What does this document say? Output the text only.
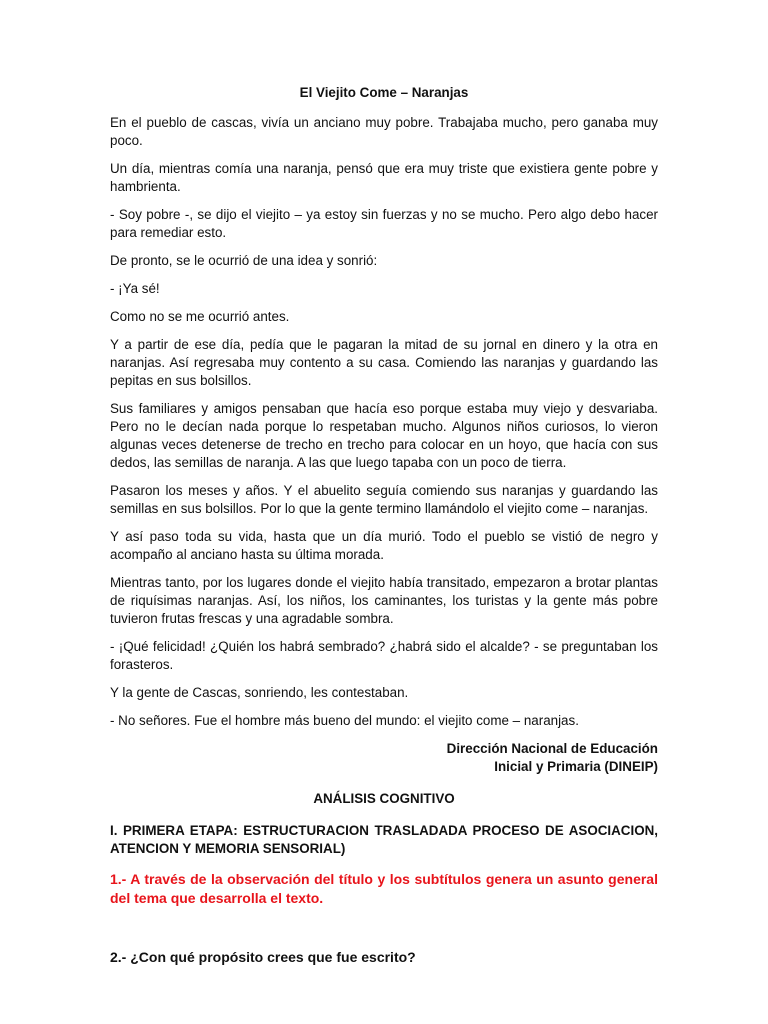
El Viejito Come – Naranjas

En el pueblo de cascas, vivía un anciano muy pobre. Trabajaba mucho, pero ganaba muy poco.

Un día, mientras comía una naranja, pensó que era muy triste que existiera gente pobre y hambrienta.

- Soy pobre -, se dijo el viejito – ya estoy sin fuerzas y no se mucho. Pero algo debo hacer para remediar esto.

De pronto, se le ocurrió de una idea y sonrió:

- ¡Ya sé!

Como no se me ocurrió antes.

Y a partir de ese día, pedía que le pagaran la mitad de su jornal en dinero y la otra en naranjas. Así regresaba muy contento a su casa. Comiendo las naranjas y guardando las pepitas en sus bolsillos.

Sus familiares y amigos pensaban que hacía eso porque estaba muy viejo y desvariaba. Pero no le decían nada porque lo respetaban mucho. Algunos niños curiosos, lo vieron algunas veces detenerse de trecho en trecho para colocar en un hoyo, que hacía con sus dedos, las semillas de naranja. A las que luego tapaba con un poco de tierra.

Pasaron los meses y años. Y el abuelito seguía comiendo sus naranjas y guardando las semillas en sus bolsillos. Por lo que la gente termino llamándolo el viejito come – naranjas.

Y así paso toda su vida, hasta que un día murió. Todo el pueblo se vistió de negro y acompaño al anciano hasta su última morada.

Mientras tanto, por los lugares donde el viejito había transitado, empezaron a brotar plantas de riquísimas naranjas. Así, los niños, los caminantes, los turistas y la gente más pobre tuvieron frutas frescas y una agradable sombra.

- ¡Qué felicidad! ¿Quién los habrá sembrado? ¿habrá sido el alcalde? - se preguntaban los forasteros.

Y la gente de Cascas, sonriendo, les contestaban.

- No señores. Fue el hombre más bueno del mundo: el viejito come – naranjas.

Dirección Nacional de Educación
Inicial y Primaria (DINEIP)
ANÁLISIS COGNITIVO

I. PRIMERA ETAPA: ESTRUCTURACION TRASLADADA PROCESO DE ASOCIACION, ATENCION Y MEMORIA SENSORIAL)

1.- A través de la observación del título y los subtítulos genera un asunto general del tema que desarrolla el texto.

2.- ¿Con qué propósito crees que fue escrito?
